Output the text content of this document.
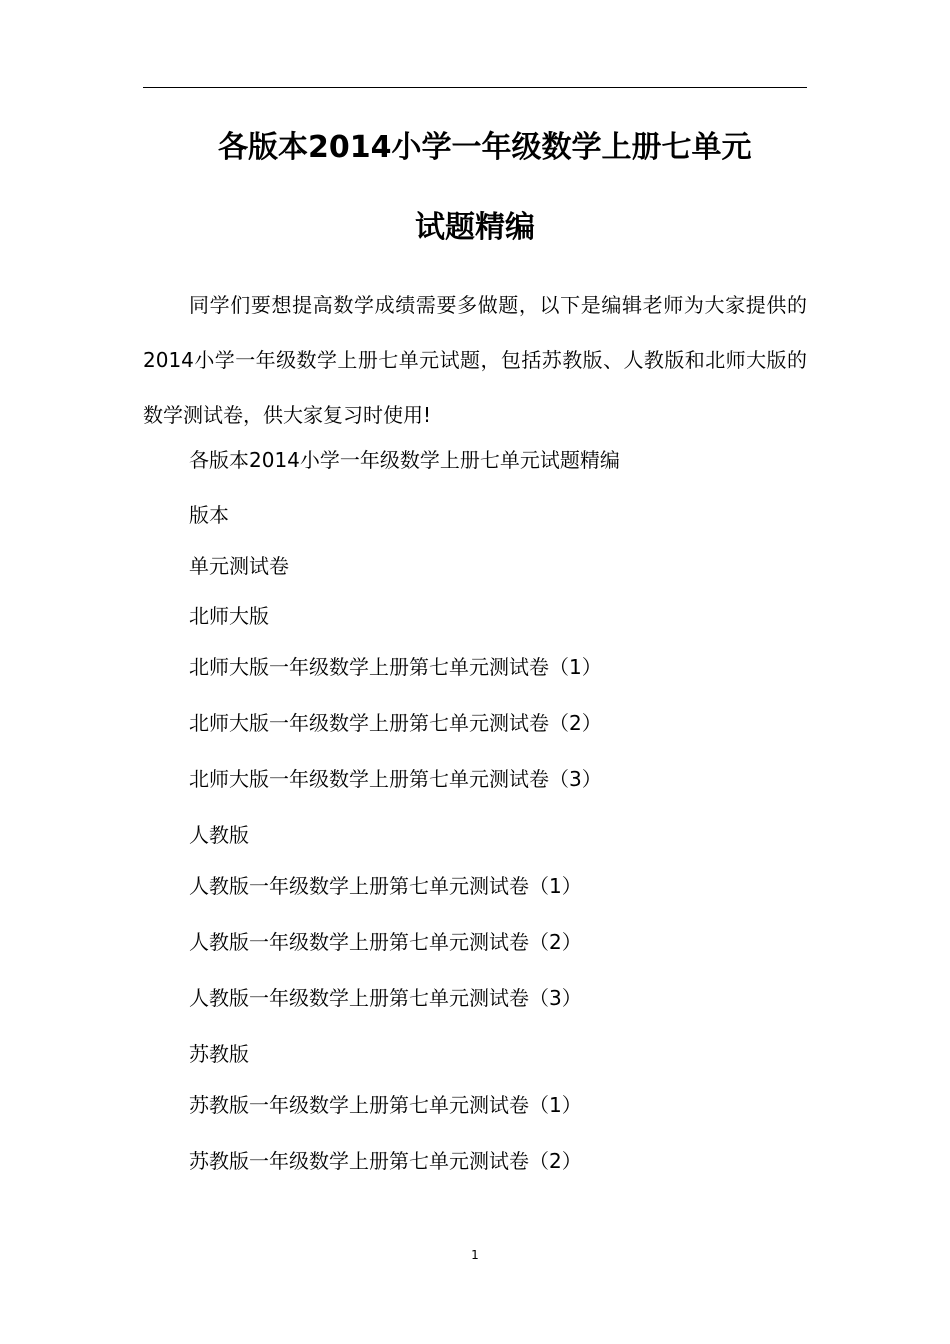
各版本2014小学一年级数学上册七单元
试题精编

同学们要想提高数学成绩需要多做题，以下是编辑老师为大家提供的2014小学一年级数学上册七单元试题，包括苏教版、人教版和北师大版的数学测试卷，供大家复习时使用!

各版本2014小学一年级数学上册七单元试题精编
版本
单元测试卷
北师大版
北师大版一年级数学上册第七单元测试卷（1）
北师大版一年级数学上册第七单元测试卷（2）
北师大版一年级数学上册第七单元测试卷（3）
人教版
人教版一年级数学上册第七单元测试卷（1）
人教版一年级数学上册第七单元测试卷（2）
人教版一年级数学上册第七单元测试卷（3）
苏教版
苏教版一年级数学上册第七单元测试卷（1）
苏教版一年级数学上册第七单元测试卷（2）
1
